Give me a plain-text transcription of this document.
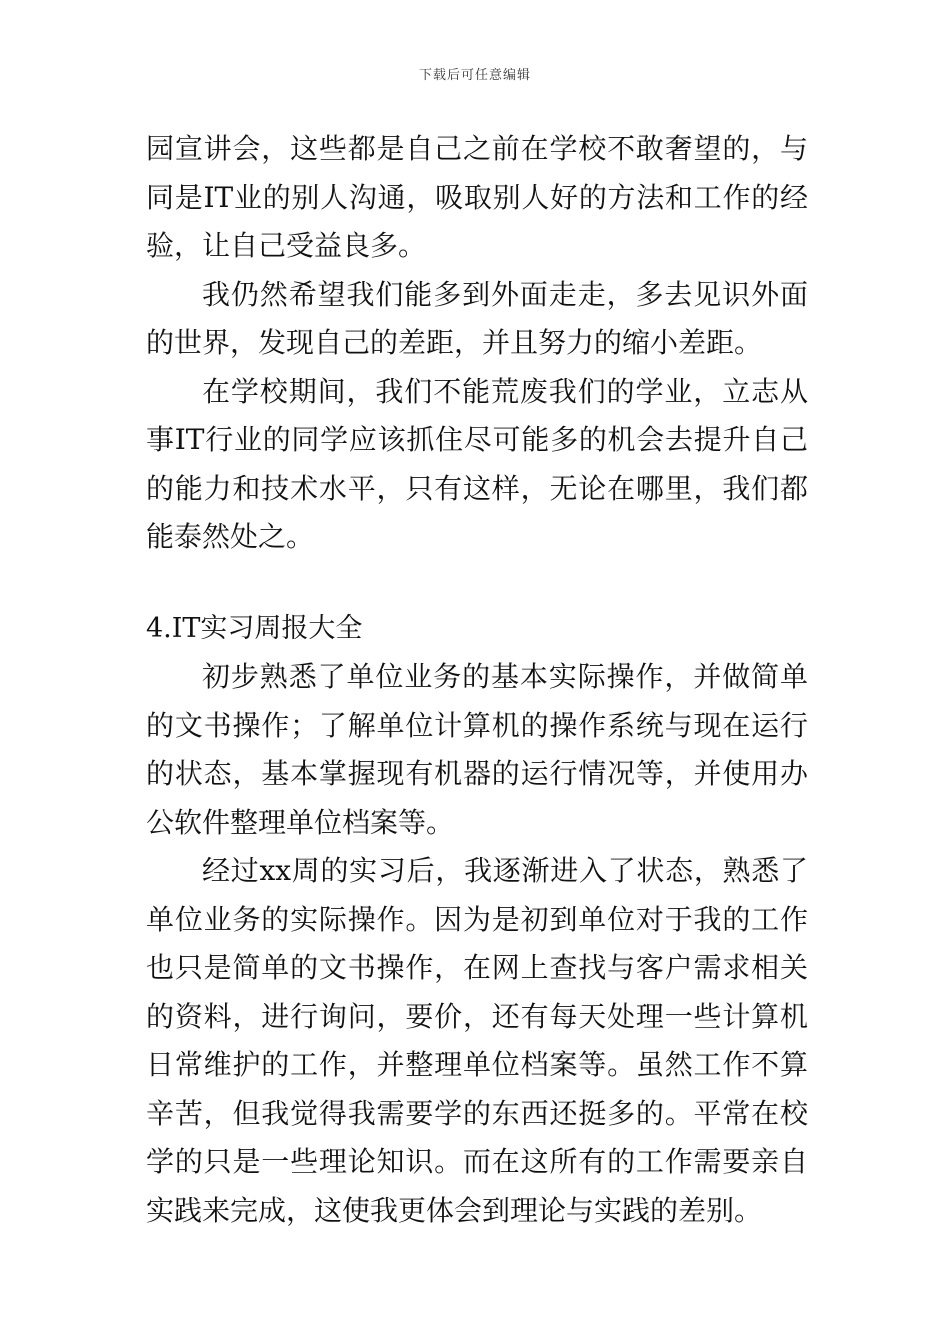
下载后可任意编辑

园宣讲会，这些都是自己之前在学校不敢奢望的，与同是IT业的别人沟通，吸取别人好的方法和工作的经验，让自己受益良多。

我仍然希望我们能多到外面走走，多去见识外面的世界，发现自己的差距，并且努力的缩小差距。

在学校期间，我们不能荒废我们的学业，立志从事IT行业的同学应该抓住尽可能多的机会去提升自己的能力和技术水平，只有这样，无论在哪里，我们都能泰然处之。

4.IT实习周报大全

初步熟悉了单位业务的基本实际操作，并做简单的文书操作；了解单位计算机的操作系统与现在运行的状态，基本掌握现有机器的运行情况等，并使用办公软件整理单位档案等。

经过xx周的实习后，我逐渐进入了状态，熟悉了单位业务的实际操作。因为是初到单位对于我的工作也只是简单的文书操作，在网上查找与客户需求相关的资料，进行询问，要价，还有每天处理一些计算机日常维护的工作，并整理单位档案等。虽然工作不算辛苦，但我觉得我需要学的东西还挺多的。平常在校学的只是一些理论知识。而在这所有的工作需要亲自实践来完成，这使我更体会到理论与实践的差别。
